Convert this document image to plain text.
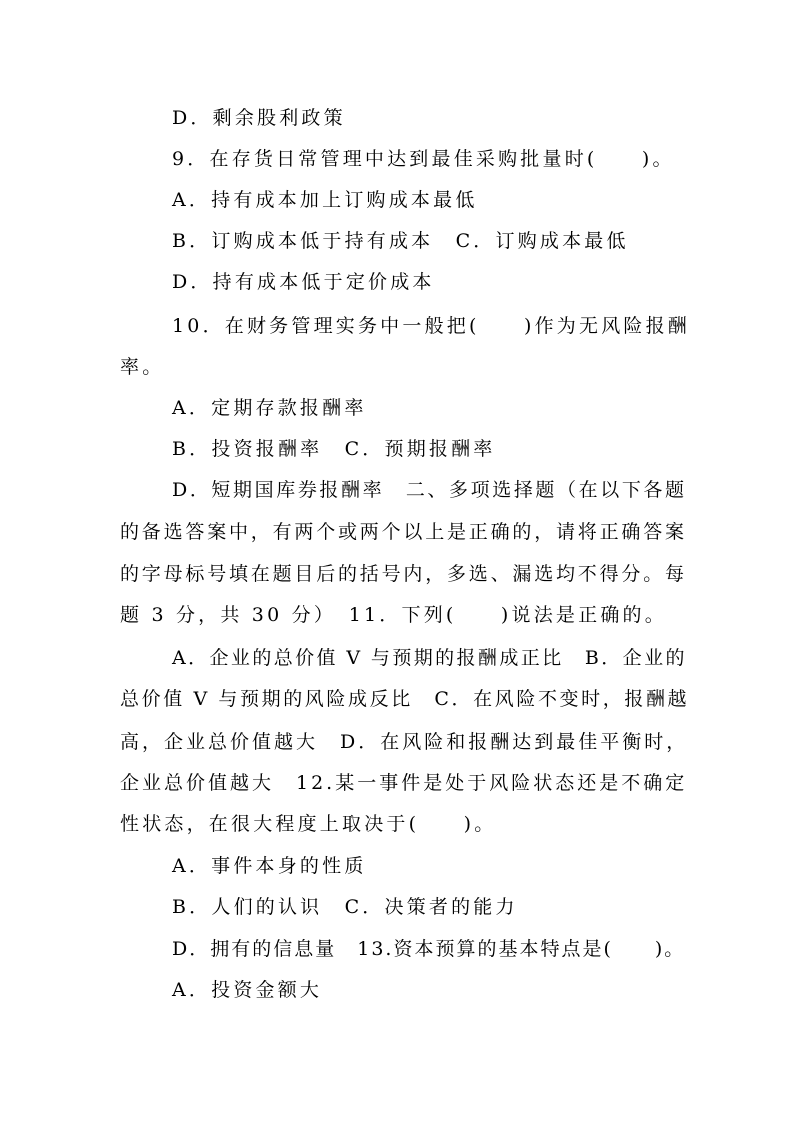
D．剩余股利政策
9．在存货日常管理中达到最佳采购批量时(　　)。
A．持有成本加上订购成本最低
B．订购成本低于持有成本　C．订购成本最低
D．持有成本低于定价成本
10．在财务管理实务中一般把(　　)作为无风险报酬
率。
A．定期存款报酬率
B．投资报酬率　C．预期报酬率
D．短期国库券报酬率　二、多项选择题（在以下各题
的备选答案中，有两个或两个以上是正确的，请将正确答案
的字母标号填在题目后的括号内，多选、漏选均不得分。每
题 3 分，共 30 分）　11．下列(　　)说法是正确的。
A．企业的总价值 V 与预期的报酬成正比　B．企业的
总价值 V 与预期的风险成反比　C．在风险不变时，报酬越
高，企业总价值越大　D．在风险和报酬达到最佳平衡时，
企业总价值越大　12.某一事件是处于风险状态还是不确定
性状态，在很大程度上取决于(　　)。
A．事件本身的性质
B．人们的认识　C．决策者的能力
D．拥有的信息量　13.资本预算的基本特点是(　　)。
A．投资金额大
